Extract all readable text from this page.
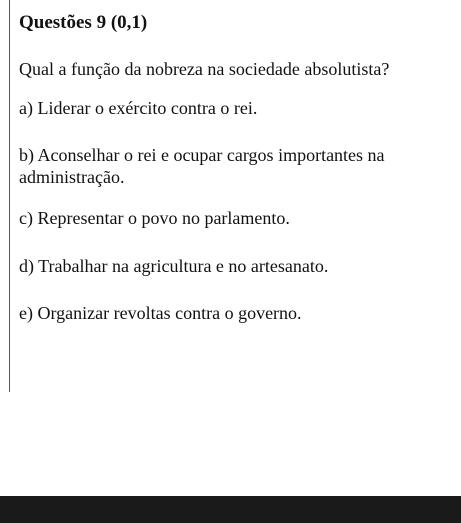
Questões 9 (0,1)

Qual a função da nobreza na sociedade absolutista?

a) Liderar o exército contra o rei.
b) Aconselhar o rei e ocupar cargos importantes na administração.
c) Representar o povo no parlamento.
d) Trabalhar na agricultura e no artesanato.
e) Organizar revoltas contra o governo.
